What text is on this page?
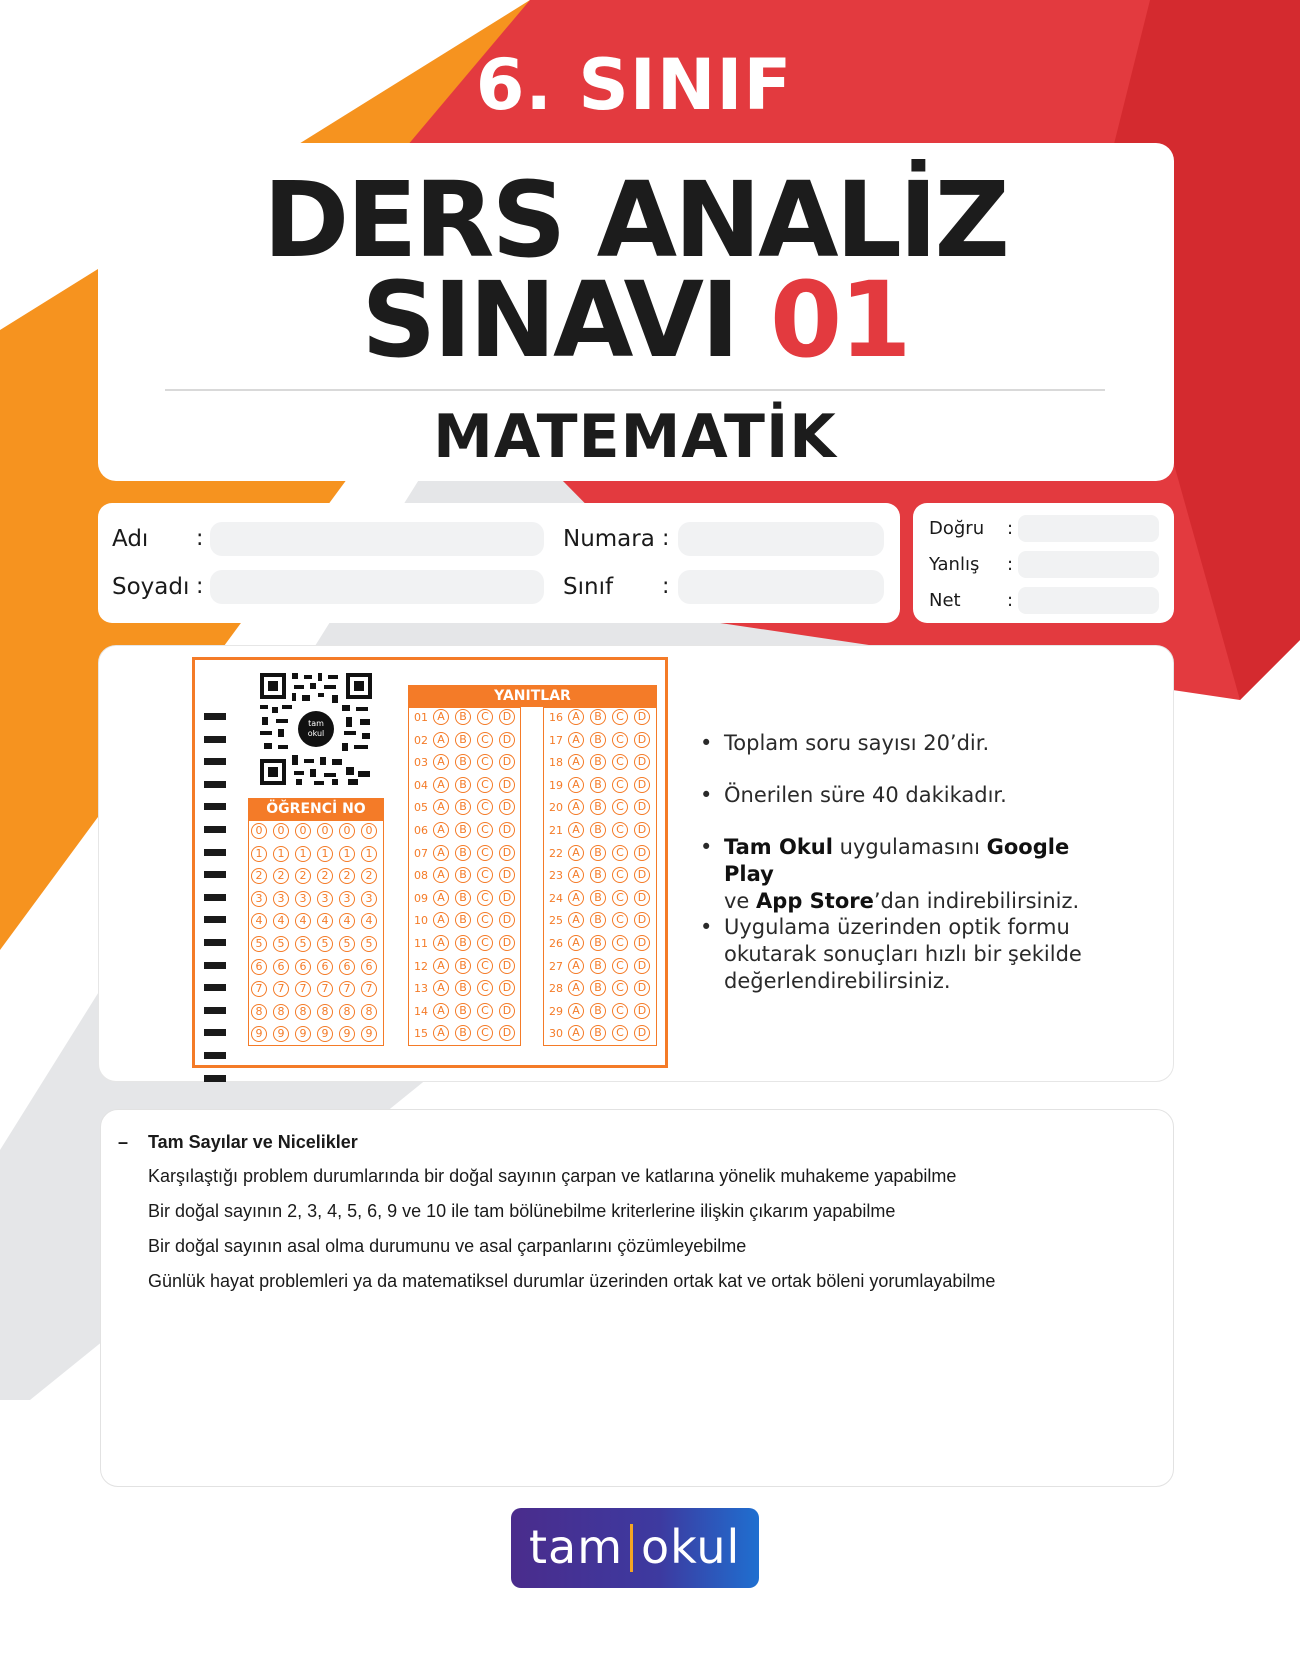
6. SINIF
DERS ANALİZ
SINAVI 01
MATEMATİK
Adı :
Soyadı :
Numara :
Sınıf :
Doğru :
Yanlış :
Net	:
tam
okul
ÖĞRENCİ NO
0	0	0	0	0	0
1	1	1	1	1	1
2	2	2	2	2	2
3	3	3	3	3	3
4	4	4	4	4	4
5	5	5	5	5	5
6	6	6	6	6	6
7	7	7	7	7	7
8	8	8	8	8	8
9	9	9	9	9	9
YANITLAR
01 A	B	C	D
02 A	B	C	D
03 A	B	C	D
04 A	B	C	D
05 A	B	C	D
06 A	B	C	D
07 A	B	C	D
08 A	B	C	D
09 A	B	C	D
10 A	B	C	D
11 A	B	C	D
12 A	B	C	D
13 A	B	C	D
14 A	B	C	D
15 A	B	C	D
16 A	B	C	D
17 A	B	C	D
18 A	B	C	D
19 A	B	C	D
20 A	B	C	D
21 A	B	C	D
22 A	B	C	D
23 A	B	C	D
24 A	B	C	D
25 A	B	C	D
26 A	B	C	D
27 A	B	C	D
28 A	B	C	D
29 A	B	C	D
30 A	B	C	D
• Toplam soru sayısı 20’dir.
• Önerilen süre 40 dakikadır.
• Tam Okul uygulamasını Google Play
ve App Store’dan indirebilirsiniz.
• Uygulama üzerinden optik formu
okutarak sonuçları hızlı bir şekilde
değerlendirebilirsiniz.
– Tam Sayılar ve Nicelikler
Karşılaştığı problem durumlarında bir doğal sayının çarpan ve katlarına yönelik muhakeme yapabilme
Bir doğal sayının 2, 3, 4, 5, 6, 9 ve 10 ile tam bölünebilme kriterlerine ilişkin çıkarım yapabilme
Bir doğal sayının asal olma durumunu ve asal çarpanlarını çözümleyebilme
Günlük hayat problemleri ya da matematiksel durumlar üzerinden ortak kat ve ortak böleni yorumlayabilme
tam okul
